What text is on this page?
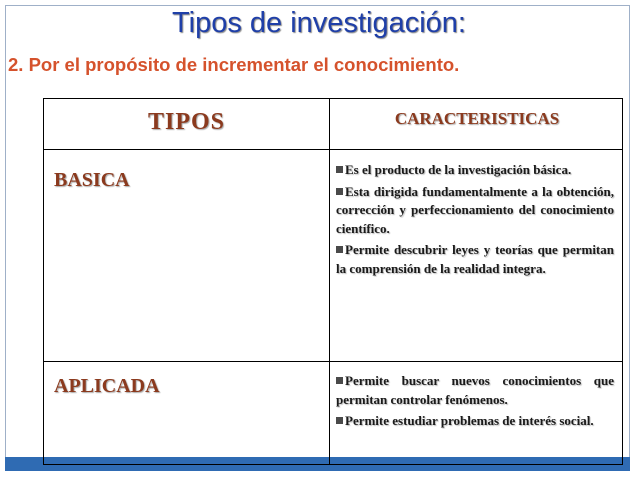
Tipos de investigación:
2. Por el propósito de incrementar el conocimiento.
TIPOS	CARACTERISTICAS
BASICA	Es el producto de la investigación básica.
Esta dirigida fundamentalmente a la obtención, corrección y perfeccionamiento del conocimiento científico.
Permite descubrir leyes y teorías que permitan la comprensión de la realidad integra.
APLICADA	Permite buscar nuevos conocimientos que permitan controlar fenómenos.
Permite estudiar problemas de interés social.
